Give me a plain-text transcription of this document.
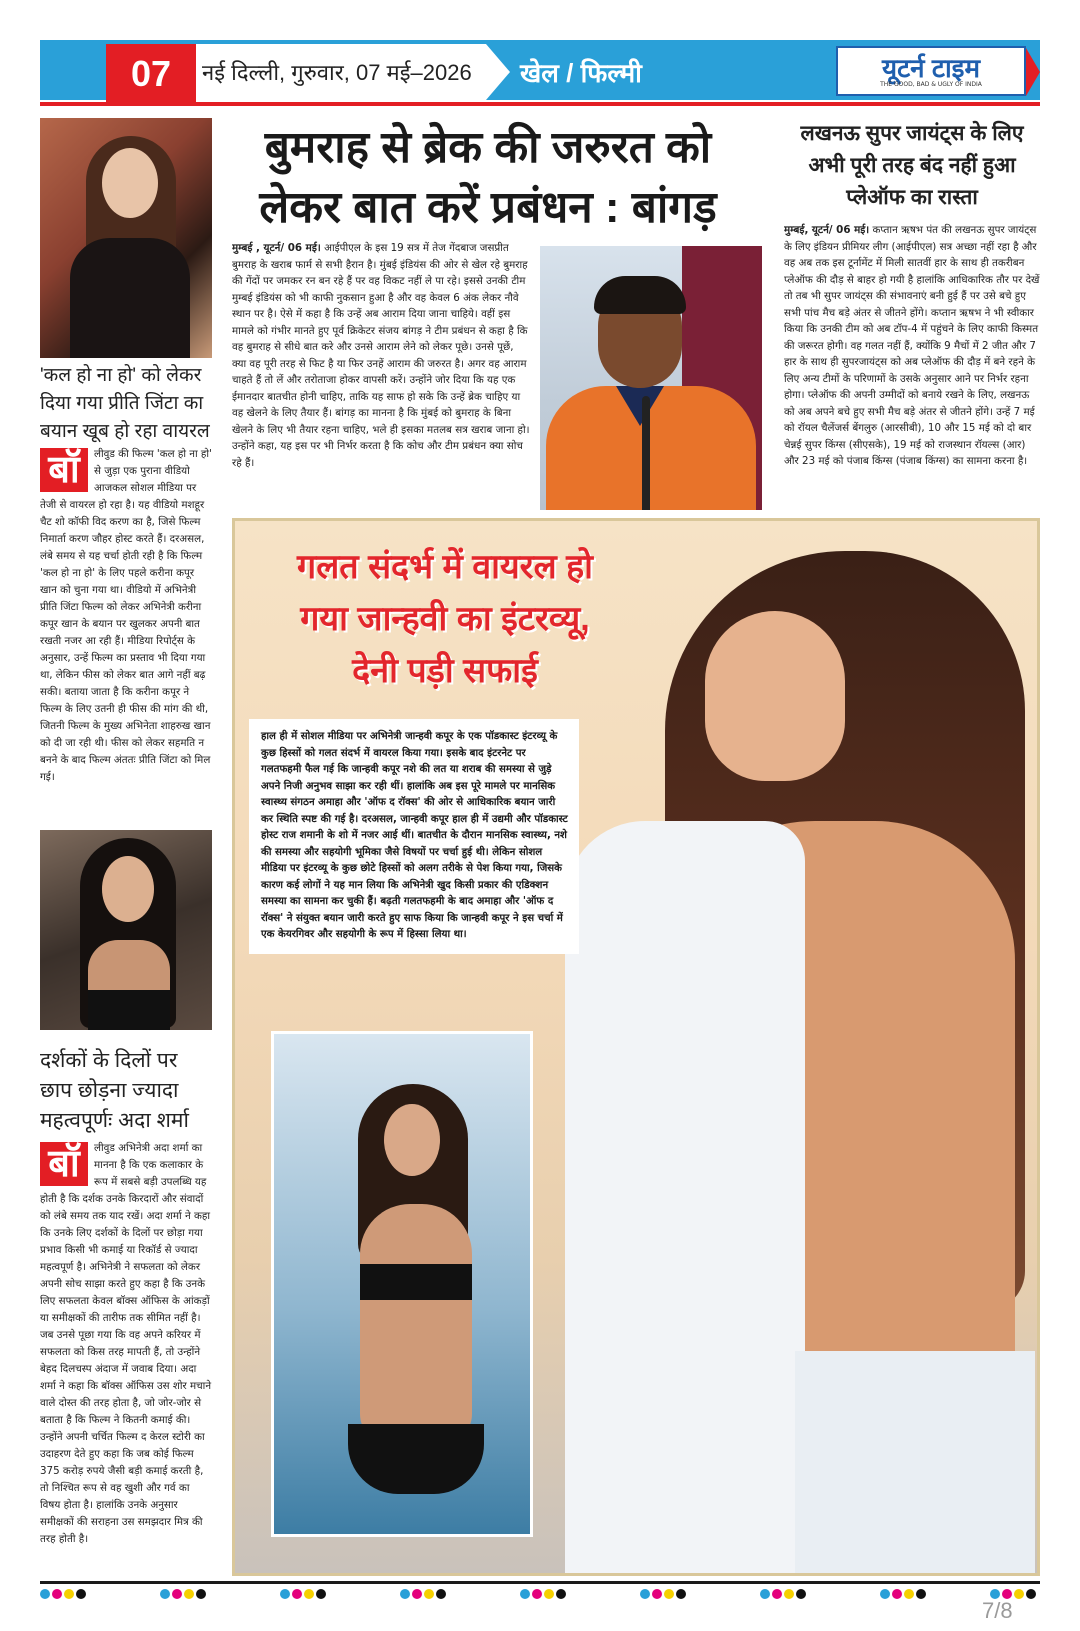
07	नई दिल्ली, गुरुवार, 07 मई–2026	खेल / फिल्मी	यूटर्न टाइम
THE GOOD, BAD & UGLY OF INDIA
'कल हो ना हो' को लेकर दिया गया प्रीति जिंटा का बयान खूब हो रहा वायरल
बॉ	लीवुड की फिल्म 'कल हो ना हो' से जुड़ा एक पुराना वीडियो आजकल सोशल मीडिया पर तेजी से वायरल हो रहा है। यह वीडियो मशहूर चैट शो कॉफी विद करण का है, जिसे फिल्म निमार्ता करण जौहर होस्ट करते हैं। दरअसल, लंबे समय से यह चर्चा होती रही है कि फिल्म 'कल हो ना हो' के लिए पहले करीना कपूर खान को चुना गया था। वीडियो में अभिनेत्री प्रीति जिंटा फिल्म को लेकर अभिनेत्री करीना कपूर खान के बयान पर खुलकर अपनी बात रखती नजर आ रही हैं। मीडिया रिपोर्ट्स के अनुसार, उन्हें फिल्म का प्रस्ताव भी दिया गया था, लेकिन फीस को लेकर बात आगे नहीं बढ़ सकी। बताया जाता है कि करीना कपूर ने फिल्म के लिए उतनी ही फीस की मांग की थी, जितनी फिल्म के मुख्य अभिनेता शाहरुख खान को दी जा रही थी। फीस को लेकर सहमति न बनने के बाद फिल्म अंततः प्रीति जिंटा को मिल गई।
दर्शकों के दिलों पर छाप छोड़ना ज्यादा महत्वपूर्णः अदा शर्मा
बॉ	लीवुड अभिनेत्री अदा शर्मा का मानना है कि एक कलाकार के रूप में सबसे बड़ी उपलब्धि यह होती है कि दर्शक उनके किरदारों और संवादों को लंबे समय तक याद रखें। अदा शर्मा ने कहा कि उनके लिए दर्शकों के दिलों पर छोड़ा गया प्रभाव किसी भी कमाई या रिकॉर्ड से ज्यादा महत्वपूर्ण है। अभिनेत्री ने सफलता को लेकर अपनी सोच साझा करते हुए कहा है कि उनके लिए सफलता केवल बॉक्स ऑफिस के आंकड़ों या समीक्षकों की तारीफ तक सीमित नहीं है। जब उनसे पूछा गया कि वह अपने करियर में सफलता को किस तरह मापती हैं, तो उन्होंने बेहद दिलचस्प अंदाज में जवाब दिया। अदा शर्मा ने कहा कि बॉक्स ऑफिस उस शोर मचाने वाले दोस्त की तरह होता है, जो जोर-जोर से बताता है कि फिल्म ने कितनी कमाई की। उन्होंने अपनी चर्चित फिल्म द केरल स्टोरी का उदाहरण देते हुए कहा कि जब कोई फिल्म 375 करोड़ रुपये जैसी बड़ी कमाई करती है, तो निश्चित रूप से वह खुशी और गर्व का विषय होता है। हालांकि उनके अनुसार समीक्षकों की सराहना उस समझदार मित्र की तरह होती है।
बुमराह से ब्रेक की जरुरत को
लेकर बात करें प्रबंधन : बांगड़
मुम्बई , यूटर्न/ 06 मई। आईपीएल के इस 19 सत्र में तेज गेंदबाज जसप्रीत बुमराह के खराब फार्म से सभी हैरान है। मुंबई इंडियंस की ओर से खेल रहे बुमराह की गेंदों पर जमकर रन बन रहे हैं पर वह विकट नहीं ले पा रहे। इससे उनकी टीम मुम्बई इंडियंस को भी काफी नुकसान हुआ है और वह केवल 6 अंक लेकर नौवे स्थान पर है। ऐसे में कहा है कि उन्हें अब आराम दिया जाना चाहिये। वहीं इस मामले को गंभीर मानते हुए पूर्व क्रिकेटर संजय बांगड़ ने टीम प्रबंधन से कहा है कि वह बुमराह से सीधे बात करे और उनसे आराम लेने को लेकर पूछे। उनसे पूछें, क्या वह पूरी तरह से फिट है या फिर उनहें आराम की जरुरत है। अगर वह आराम चाहते हैं तो लें और तरोताजा होकर वापसी करें। उन्होंने जोर दिया कि यह एक ईमानदार बातचीत होनी चाहिए, ताकि यह साफ हो सके कि उन्हें ब्रेक चाहिए या वह खेलने के लिए तैयार हैं। बांगड़ का मानना है कि मुंबई को बुमराह के बिना खेलने के लिए भी तैयार रहना चाहिए, भले ही इसका मतलब सत्र खराब जाना हो। उन्होंने कहा, यह इस पर भी निर्भर करता है कि कोच और टीम प्रबंधन क्या सोच रहे हैं।
लखनऊ सुपर जायंट्स के लिए अभी पूरी तरह बंद नहीं हुआ प्लेऑफ का रास्ता
मुम्बई, यूटर्न/ 06 मई। कप्तान ऋषभ पंत की लखनऊ सुपर जायंट्स के लिए इंडियन प्रीमियर लीग (आईपीएल) सत्र अच्छा नहीं रहा है और वह अब तक इस टूर्नामेंट में मिली सातवीं हार के साथ ही तकरीबन प्लेऑफ की दौड़ से बाहर हो गयी है हालांकि आधिकारिक तौर पर देखें तो तब भी सुपर जायंट्स की संभावनाएं बनी हुई हैं पर उसे बचे हुए सभी पांच मैच बड़े अंतर से जीतने होंगे। कप्तान ऋषभ ने भी स्वीकार किया कि उनकी टीम को अब टॉप-4 में पहुंचने के लिए काफी किस्मत की जरूरत होगी। वह गलत नहीं हैं, क्योंकि 9 मैचों में 2 जीत और 7 हार के साथ ही सुपरजायंट्स को अब प्लेऑफ की दौड़ में बने रहने के लिए अन्य टीमों के परिणामों के उसके अनुसार आने पर निर्भर रहना होगा। प्लेऑफ की अपनी उम्मीदों को बनाये रखने के लिए, लखनऊ को अब अपने बचे हुए सभी मैच बड़े अंतर से जीतने होंगे। उन्हें 7 मई को रॉयल चैलेंजर्स बेंगलुरु (आरसीबी), 10 और 15 मई को दो बार चेन्नई सुपर किंग्स (सीएसके), 19 मई को राजस्थान रॉयल्स (आर) और 23 मई को पंजाब किंग्स (पंजाब किंग्स) का सामना करना है।
गलत संदर्भ में वायरल हो
गया जान्हवी का इंटरव्यू,
देनी पड़ी सफाई
हाल ही में सोशल मीडिया पर अभिनेत्री जान्हवी कपूर के एक पॉडकास्ट इंटरव्यू के कुछ हिस्सों को गलत संदर्भ में वायरल किया गया। इसके बाद इंटरनेट पर गलतफहमी फैल गई कि जान्हवी कपूर नशे की लत या शराब की समस्या से जुड़े अपने निजी अनुभव साझा कर रही थीं। हालांकि अब इस पूरे मामले पर मानसिक स्वास्थ्य संगठन अमाहा और 'ऑफ द रॉक्स' की ओर से आधिकारिक बयान जारी कर स्थिति स्पष्ट की गई है। दरअसल, जान्हवी कपूर हाल ही में उद्यमी और पॉडकास्ट होस्ट राज शमानी के शो में नजर आई थीं। बातचीत के दौरान मानसिक स्वास्थ्य, नशे की समस्या और सहयोगी भूमिका जैसे विषयों पर चर्चा हुई थी। लेकिन सोशल मीडिया पर इंटरव्यू के कुछ छोटे हिस्सों को अलग तरीके से पेश किया गया, जिसके कारण कई लोगों ने यह मान लिया कि अभिनेत्री खुद किसी प्रकार की एडिक्शन समस्या का सामना कर चुकी हैं। बढ़ती गलतफहमी के बाद अमाहा और 'ऑफ द रॉक्स' ने संयुक्त बयान जारी करते हुए साफ किया कि जान्हवी कपूर ने इस चर्चा में एक केयरगिवर और सहयोगी के रूप में हिस्सा लिया था।
7/8
